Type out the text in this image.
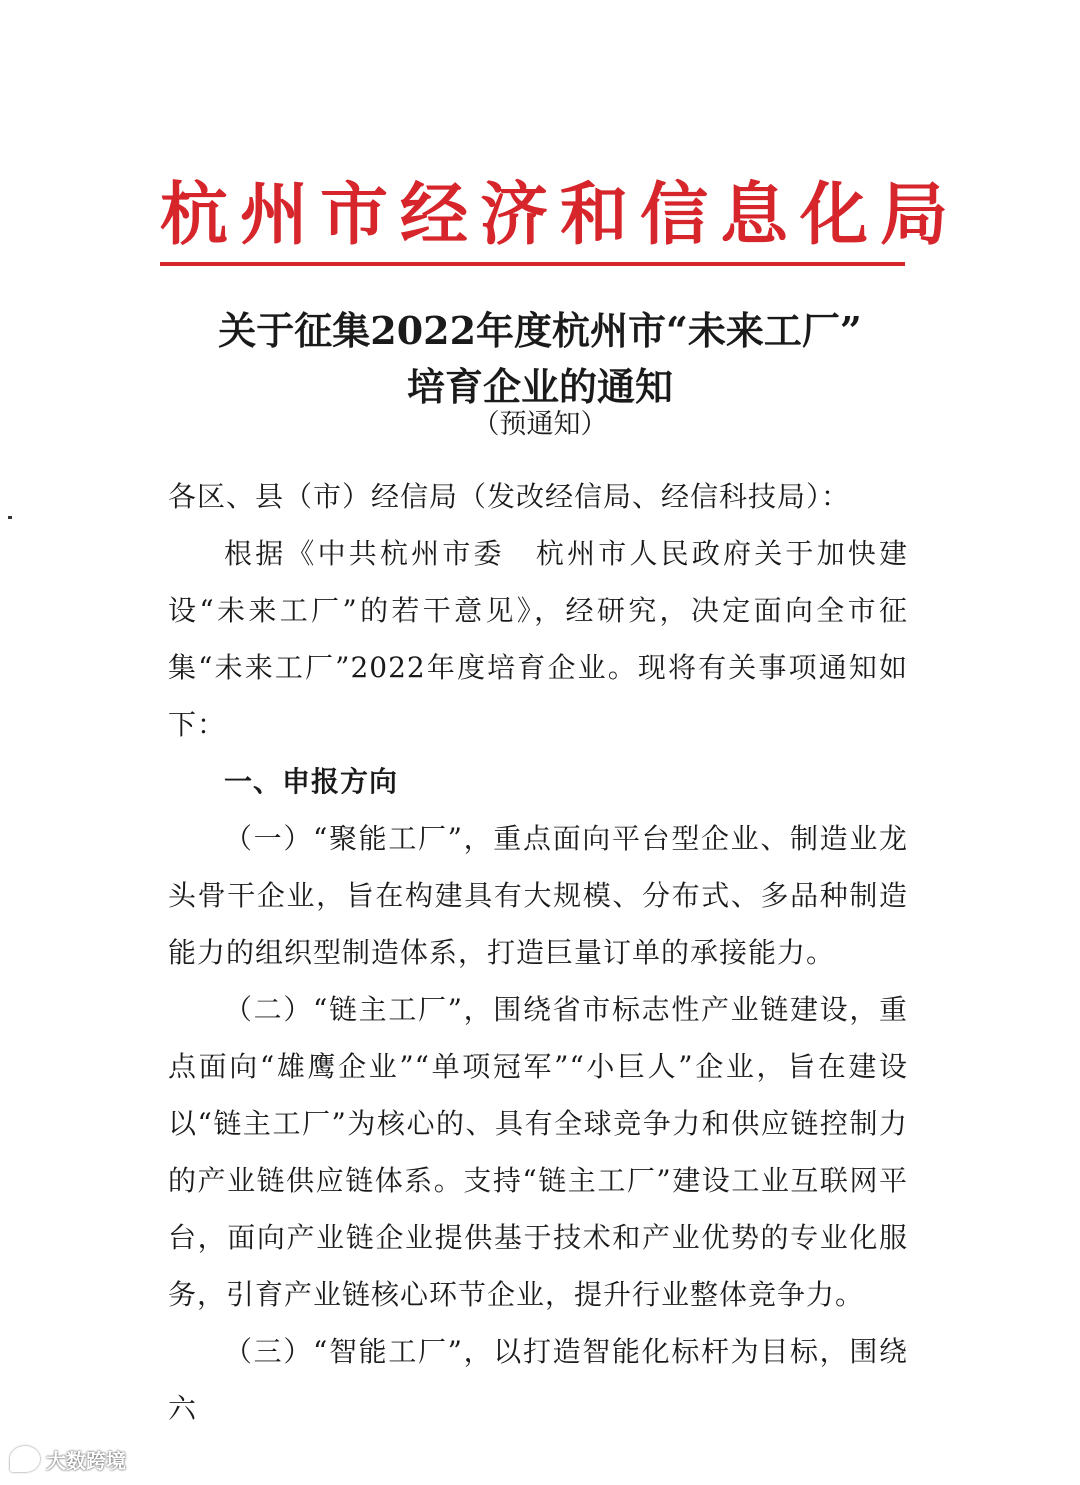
杭州市经济和信息化局
关于征集2022年度杭州市“未来工厂”
培育企业的通知
（预通知）

各区、县（市）经信局（发改经信局、经信科技局）：

根据《中共杭州市委　杭州市人民政府关于加快建设“未来工厂”的若干意见》，经研究，决定面向全市征集“未来工厂”2022年度培育企业。现将有关事项通知如下：

一、申报方向

（一）“聚能工厂”，重点面向平台型企业、制造业龙头骨干企业，旨在构建具有大规模、分布式、多品种制造能力的组织型制造体系，打造巨量订单的承接能力。

（二）“链主工厂”，围绕省市标志性产业链建设，重点面向“雄鹰企业”“单项冠军”“小巨人”企业，旨在建设以“链主工厂”为核心的、具有全球竞争力和供应链控制力的产业链供应链体系。支持“链主工厂”建设工业互联网平台，面向产业链企业提供基于技术和产业优势的专业化服务，引育产业链核心环节企业，提升行业整体竞争力。

（三）“智能工厂”，以打造智能化标杆为目标，围绕六

大数跨境
